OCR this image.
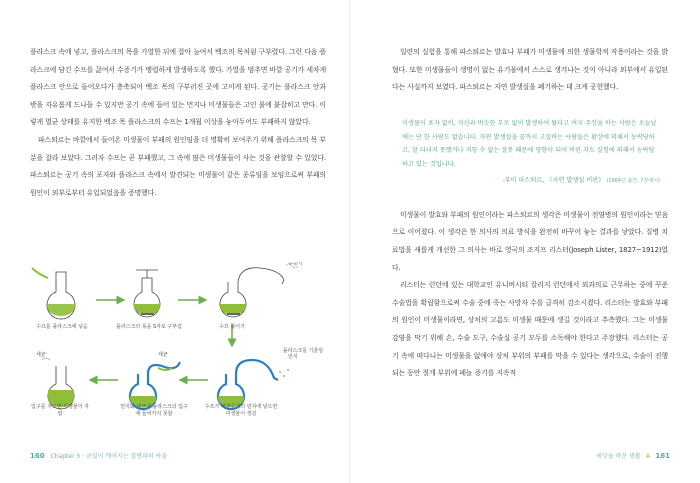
플라스크 속에 넣고, 플라스크의 목을 가열한 뒤에 잡아 늘여서 백조의 목처럼 구부렸다. 그런 다음 플라스크에 담긴 수프를 끓여서 수증기가 맹렬하게 발생하도록 했다. 가열을 멈추면 바깥 공기가 세차게 플라스크 안으로 들어오다가 충축되어 백조 목의 구부러진 곳에 고이게 된다. 공기는 플라스크 안과 밖을 자유롭게 드나들 수 있지만 공기 속에 들어 있는 먼지나 미생물들은 고인 물에 붙잡히고 만다. 이렇게 멸균 상태를 유지한 백조 목 플라스크의 수프는 1개월 이상을 놓아두어도 부패하지 않았다.

파스퇴르는 바깥에서 들어온 미생물이 부패의 원인임을 더 명확히 보여주기 위해 플라스크의 목 부분을 잘라 보았다. 그러자 수프는 곧 부패했고, 그 속에 많은 미생물들이 사는 것을 관찰할 수 있었다. 파스퇴르는 공기 속의 포자와 플라스크 속에서 발견되는 미생물이 같은 종류임을 보임으로써 부패의 원인이 외부로부터 유입되었음을 증명했다.

수증기
먼지
세균
세균
수프를 플라스크에 넣음	플라스크의 목을 S자로 구부림	수프 끓이기
플라스크를 기울임
수프가 바깥공기의 먼지에 닿으면 미생물이 생김
먼지와 세균이 플라스크의 입구에 들어가지 못함
입구를 자르면 미생물이 자람
160 Chapter 5 · 균질이 깨어지는 질병과의 싸움

일련의 실험을 통해 파스퇴르는 발효나 부패가 미생물에 의한 생물학적 작용이라는 것을 밝혔다. 또한 미생물들이 생명이 없는 유기물에서 스스로 생겨나는 것이 아니라 외부에서 유입된다는 사실까지 보였다. 파스퇴르는 자연 발생설을 폐기하는 데 크게 공헌했다.

미생물이 포자 없이, 자신과 비슷한 부모 없이 발생하여 왔다고 여지 주장을 하는 사람은 오늘날에는 단 한 사람도 없습니다. 자연 발생설을 끝까지 고집하는 사람들은 환상에 의해서 농락당하고, 잘 다녀지 못했거나 저항 수 없는 잘못 때문에 영향이 되어 버린 지도 실험에 의해서 농락당하고 있는 것입니다.

-루이 파스퇴르, 《자연 발생설 비판》 (1864년 출간, 7장에서)

미생물이 발효와 부패의 원인이라는 파스퇴르의 생각은 미생물이 전염병의 원인이라는 믿음으로 이어졌다. 이 생각은 한 의사의 의료 방식을 완전히 바꾸어 놓는 결과를 낳았다. 질병 치료법을 새롭게 개선한 그 의사는 바로 영국의 조지프 리스터(Joseph Lister, 1827~1912)였다.

리스터는 런던에 있는 대학교인 유니버시티 칼리지 런던에서 외과의로 근무하는 중에 꾸준 수술법을 확립함으로써 수술 중에 죽는 사망자 수를 급격히 감소시켰다. 리스터는 발효와 부패의 원인이 미생물이라면, 상처의 고름도 미생물 때문에 생길 것이라고 추측했다. 그는 미생물 감염을 막기 위해 손, 수술 도구, 수술실 공기 모두를 소독해야 한다고 주장했다. 리스터는 공기 속에 떠다니는 미생물을 없애야 상처 부위의 부패를 막을 수 있다는 생각으로, 수술이 진행되는 동안 절개 부위에 페놀 증기를 지속적

세상을 바꾼 생활 ✲ 161
